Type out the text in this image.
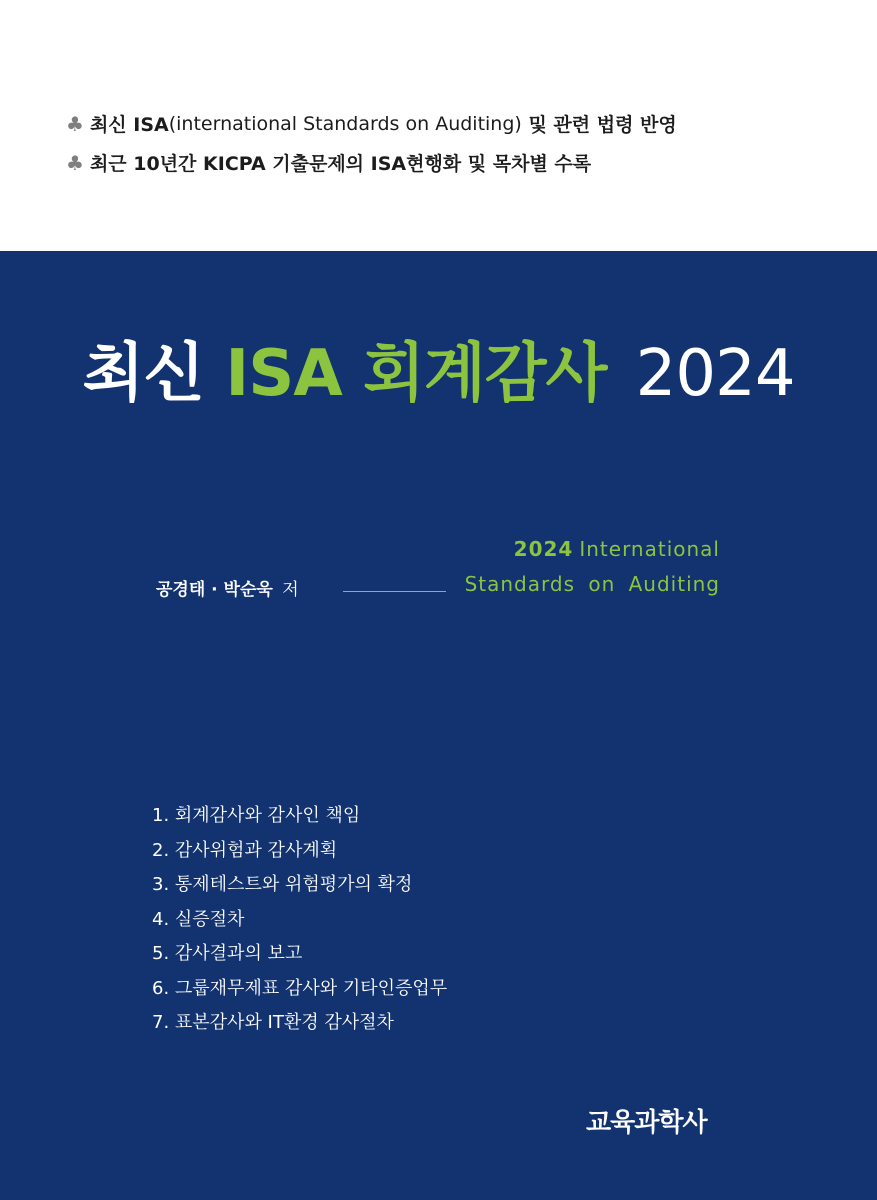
♣ 최신 ISA (international Standards on Auditing) 및 관련 법령 반영
♣ 최근 10년간 KICPA 기출문제의 ISA현행화 및 목차별 수록
최신 ISA 회계감사 2024
2024 International
Standards on Auditing
공경태 · 박순욱 저
1. 회계감사와 감사인 책임
2. 감사위험과 감사계획
3. 통제테스트와 위험평가의 확정
4. 실증절차
5. 감사결과의 보고
6. 그룹재무제표 감사와 기타인증업무
7. 표본감사와 IT환경 감사절차
교육과학사
